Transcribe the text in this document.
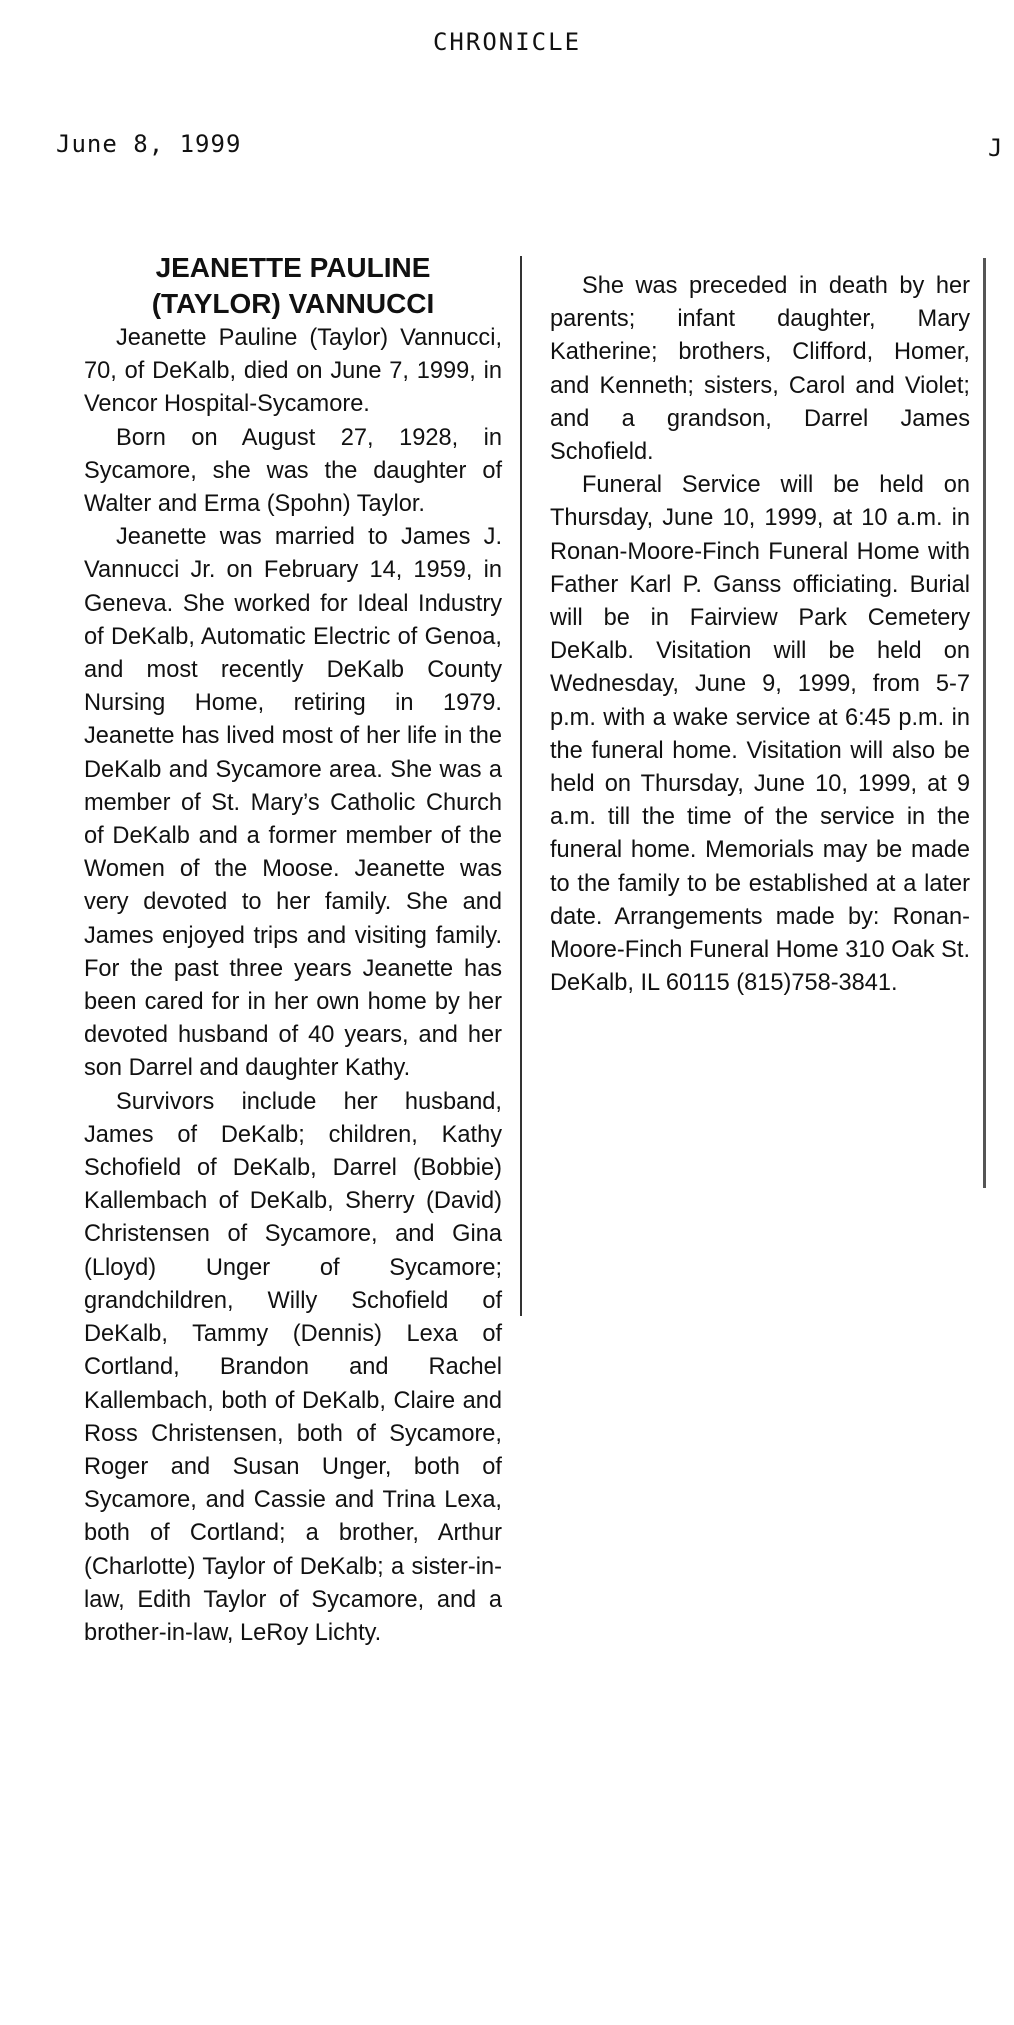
CHRONICLE
June 8, 1999	J
JEANETTE PAULINE
(TAYLOR) VANNUCCI

Jeanette Pauline (Taylor) Vannucci, 70, of DeKalb, died on June 7, 1999, in Vencor Hospital-Sycamore.

Born on August 27, 1928, in Sycamore, she was the daughter of Walter and Erma (Spohn) Taylor.

Jeanette was married to James J. Vannucci Jr. on February 14, 1959, in Geneva. She worked for Ideal Industry of DeKalb, Automatic Electric of Genoa, and most recently DeKalb County Nursing Home, retiring in 1979. Jeanette has lived most of her life in the DeKalb and Sycamore area. She was a member of St. Mary’s Catholic Church of DeKalb and a former member of the Women of the Moose. Jeanette was very devoted to her family. She and James enjoyed trips and visiting family. For the past three years Jeanette has been cared for in her own home by her devoted husband of 40 years, and her son Darrel and daughter Kathy.

Survivors include her husband, James of DeKalb; children, Kathy Schofield of DeKalb, Darrel (Bobbie) Kallembach of DeKalb, Sherry (David) Christensen of Sycamore, and Gina (Lloyd) Unger of Sycamore; grandchildren, Willy Schofield of DeKalb, Tammy (Dennis) Lexa of Cortland, Brandon and Rachel Kallembach, both of DeKalb, Claire and Ross Christensen, both of Sycamore, Roger and Susan Unger, both of Sycamore, and Cassie and Trina Lexa, both of Cortland; a brother, Arthur (Charlotte) Taylor of DeKalb; a sister-in-law, Edith Taylor of Sycamore, and a brother-in-law, LeRoy Lichty.

She was preceded in death by her parents; infant daughter, Mary Katherine; brothers, Clifford, Homer, and Kenneth; sisters, Carol and Violet; and a grandson, Darrel James Schofield.

Funeral Service will be held on Thursday, June 10, 1999, at 10 a.m. in Ronan-Moore-Finch Funeral Home with Father Karl P. Ganss officiating. Burial will be in Fairview Park Cemetery DeKalb. Visitation will be held on Wednesday, June 9, 1999, from 5-7 p.m. with a wake service at 6:45 p.m. in the funeral home. Visitation will also be held on Thursday, June 10, 1999, at 9 a.m. till the time of the service in the funeral home. Memorials may be made to the family to be established at a later date. Arrangements made by: Ronan-Moore-Finch Funeral Home 310 Oak St. DeKalb, IL 60115 (815)758-3841.
